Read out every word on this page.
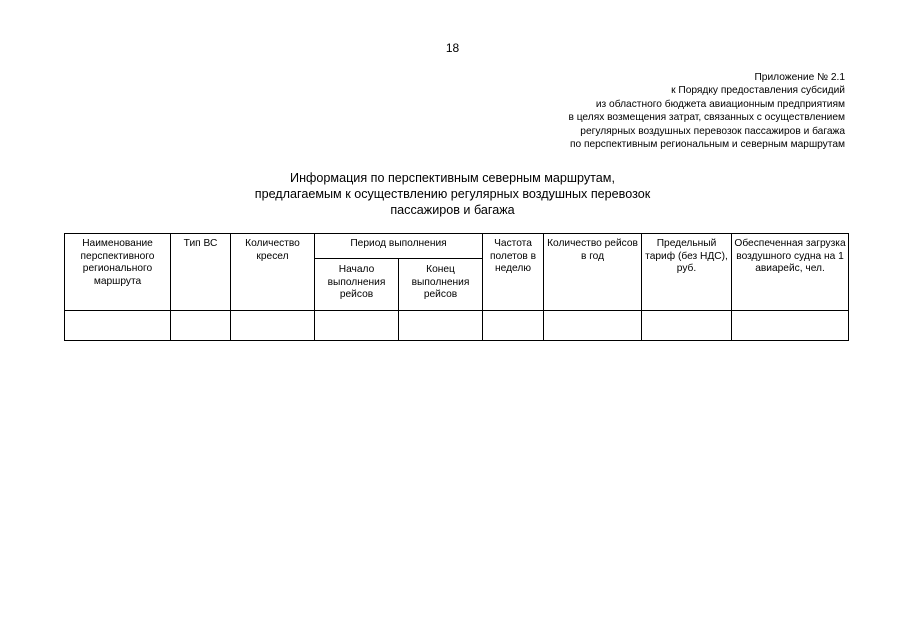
18
Приложение № 2.1
к Порядку предоставления субсидий
из областного бюджета авиационным предприятиям
в целях возмещения затрат, связанных с осуществлением
регулярных воздушных перевозок пассажиров и багажа
по перспективным региональным и северным маршрутам
Информация по перспективным северным маршрутам,
предлагаемым к осуществлению регулярных воздушных перевозок
пассажиров и багажа
Наименование перспективного регионального маршрута	Тип ВС	Количество кресел	Период выполнения		Частота полетов в неделю	Количество рейсов в год	Предельный тариф (без НДС), руб.	Обеспеченная загрузка воздушного судна на 1 авиарейс, чел.
			Начало выполнения рейсов	Конец выполнения рейсов				
